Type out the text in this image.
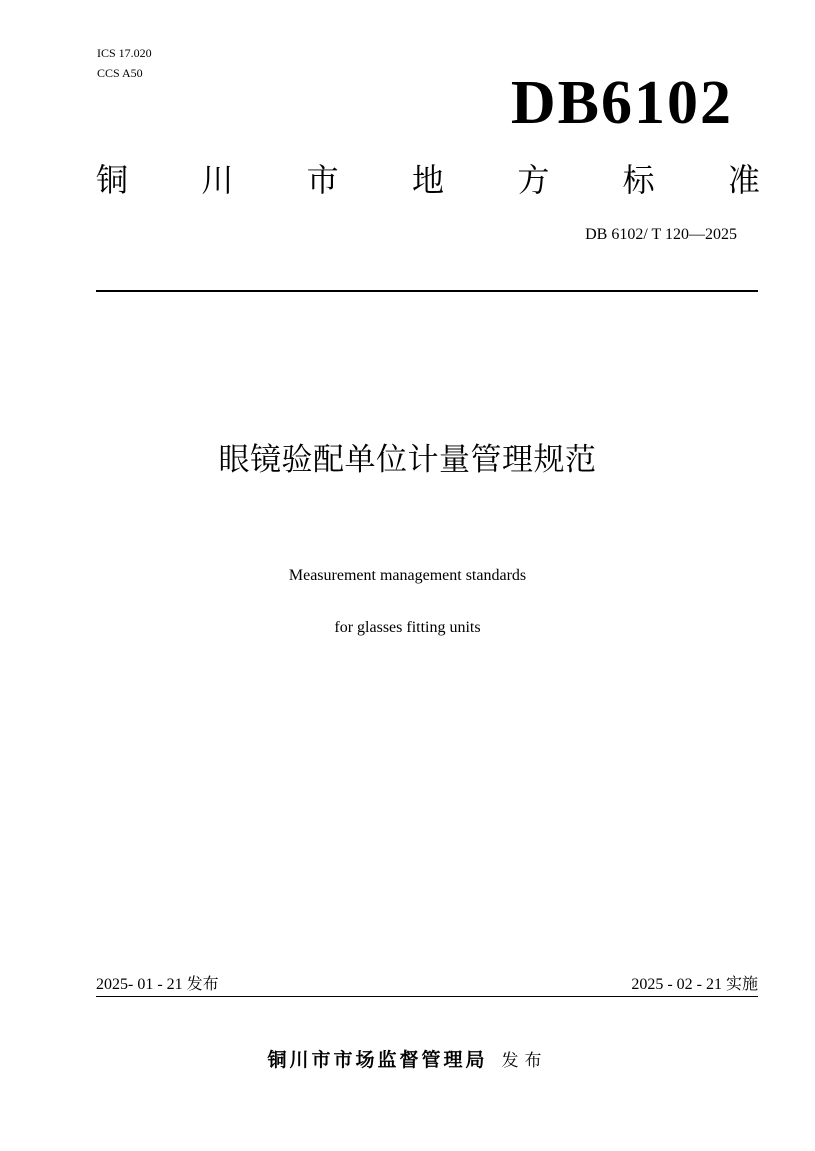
ICS 17.020
CCS A50	DB6102
铜 川 市 地 方 标 准
DB 6102/ T 120—2025
眼镜验配单位计量管理规范
Measurement management standards
for glasses fitting units
2025- 01 - 21 发布	2025 - 02 - 21 实施
铜川市市场监督管理局 发布
